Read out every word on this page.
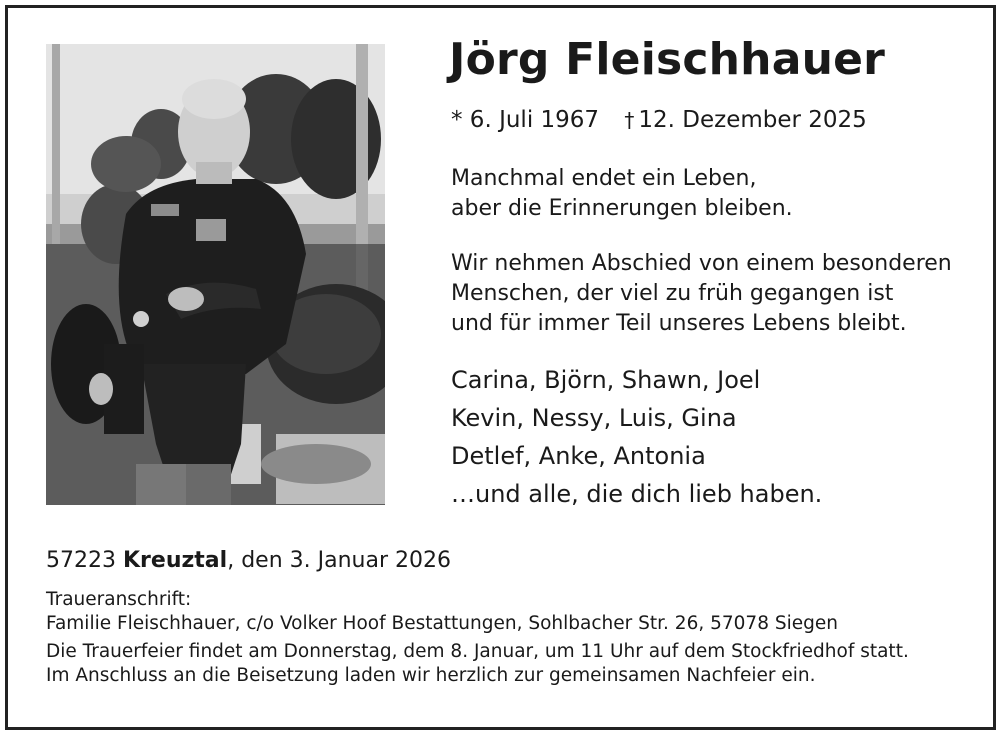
Jörg Fleischhauer
* 6. Juli 1967 † 12. Dezember 2025
Manchmal endet ein Leben,
aber die Erinnerungen bleiben.
Wir nehmen Abschied von einem besonderen
Menschen, der viel zu früh gegangen ist
und für immer Teil unseres Lebens bleibt.
Carina, Björn, Shawn, Joel
Kevin, Nessy, Luis, Gina
Detlef, Anke, Antonia
…und alle, die dich lieb haben.
57223 Kreuztal, den 3. Januar 2026
Traueranschrift:
Familie Fleischhauer, c/o Volker Hoof Bestattungen, Sohlbacher Str. 26, 57078 Siegen
Die Trauerfeier findet am Donnerstag, dem 8. Januar, um 11 Uhr auf dem Stockfriedhof statt.
Im Anschluss an die Beisetzung laden wir herzlich zur gemeinsamen Nachfeier ein.
